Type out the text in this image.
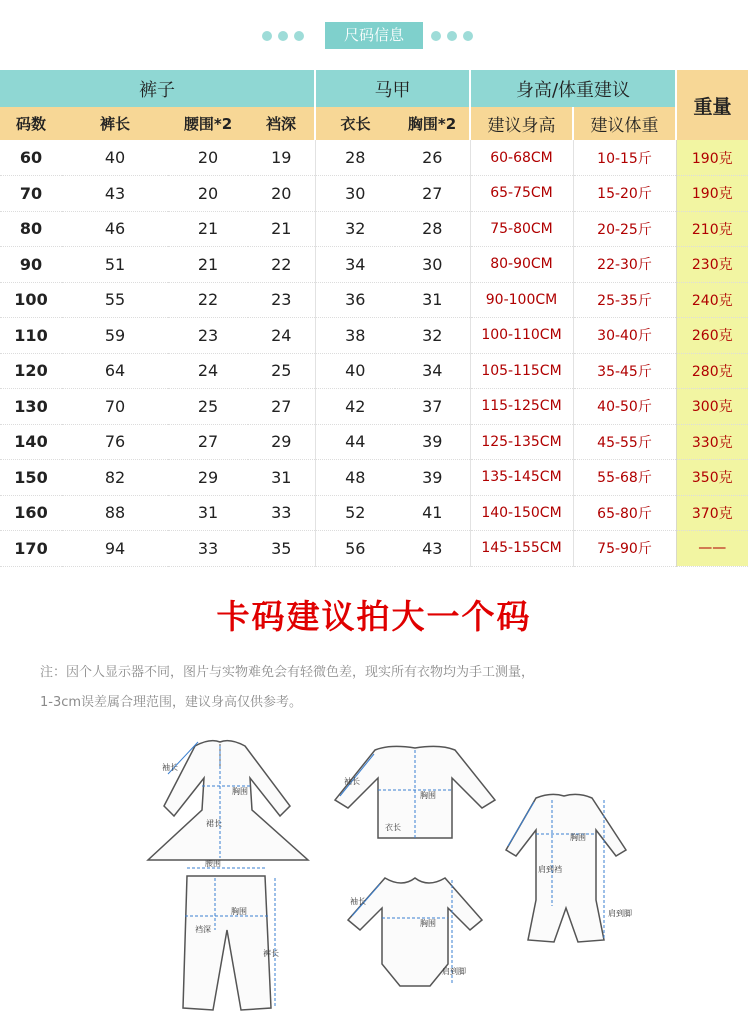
尺码信息
裤子				马甲		身高/体重建议		重量
码数	裤长	腰围*2	裆深	衣长	胸围*2	建议身高	建议体重	
60	40	20	19	28	26	60-68CM	10-15斤	190克
70	43	20	20	30	27	65-75CM	15-20斤	190克
80	46	21	21	32	28	75-80CM	20-25斤	210克
90	51	21	22	34	30	80-90CM	22-30斤	230克
100	55	22	23	36	31	90-100CM	25-35斤	240克
110	59	23	24	38	32	100-110CM	30-40斤	260克
120	64	24	25	40	34	105-115CM	35-45斤	280克
130	70	25	27	42	37	115-125CM	40-50斤	300克
140	76	27	29	44	39	125-135CM	45-55斤	330克
150	82	29	31	48	39	135-145CM	55-68斤	350克
160	88	31	33	52	41	140-150CM	65-80斤	370克
170	94	33	35	56	43	145-155CM	75-90斤	——
卡码建议拍大一个码
注：因个人显示器不同，图片与实物难免会有轻微色差，现实所有衣物均为手工测量，
1-3cm误差属合理范围，建议身高仅供参考。
袖长
胸围
裙长
袖长
胸围
衣长
胸围
肩到裆
肩到脚
腰围
胸围
裆深
裤长
袖长
胸围
肩到脚
